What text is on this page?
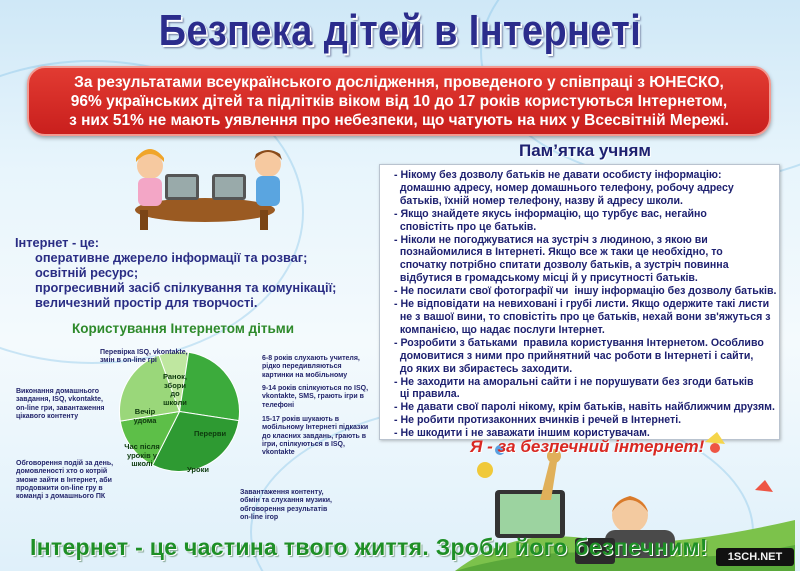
Безпека дітей в Інтернеті

За результатами всеукраїнського дослідження, проведеного у співпраці з ЮНЕСКО,
96% українських дітей та підлітків віком від 10 до 17 років користуються Інтернетом,
з них 51% не мають уявлення про небезпеки, що чатують на них у Всесвітній Мережі.

Інтернет - це:
оперативне джерело інформації та розваг;
освітній ресурс;
прогресивний засіб спілкування та комунікації;
величезний простір для творчості.
Користування Інтернетом дітьми
Ранок, збори до школи
Перерви
Уроки
Час після уроків у школі
Вечір удома
Перевірка ISQ, vkontakte, змін в on-line грі	6-8 років слухають учителя, рідко передивляються картинки на мобільному
9-14 років спілкуються по ISQ, vkontakte, SMS, грають ігри в телефоні
15-17 років шукають в мобільному Інтернеті підказки до класних завдань, грають в ігри, спілкуються в ISQ, vkontakte
Виконання домашнього завдання, ISQ, vkontakte, on-line гри, завантаження цікавого контенту
Обговорення подій за день, домовленості хто о котрій зможе зайти в Інтернет, аби продовжити on-line гру в команді з домашнього ПК
Завантаження контенту, обмін та слухання музики, обговорення результатів on-line ігор
Пам’ятка учням
- Нікому без дозволу батьків не давати особисту інформацію:
домашню адресу, номер домашнього телефону, робочу адресу
батьків, їхній номер телефону, назву й адресу школи.
- Якщо знайдете якусь інформацію, що турбує вас, негайно
сповістіть про це батьків.
- Ніколи не погоджуватися на зустріч з людиною, з якою ви
познайомилися в Інтернеті. Якщо все ж таки це необхідно, то
спочатку потрібно спитати дозволу батьків, а зустріч повинна
відбутися в громадському місці й у присутності батьків.
- Не посилати свої фотографії чи  іншу інформацію без дозволу батьків.
- Не відповідати на невиховані і грубі листи. Якщо одержите такі листи
не з вашої вини, то сповістіть про це батьків, нехай вони зв'яжуться з
компанією, що надає послуги Інтернет.
- Розробити з батьками  правила користування Інтернетом. Особливо
домовитися з ними про прийнятний час роботи в Інтернеті і сайти,
до яких ви збираєтесь заходити.
- Не заходити на аморальні сайти і не порушувати без згоди батьків
ці правила.
- Не давати свої паролі нікому, крім батьків, навіть найближчим друзям.
- Не робити протизаконних вчинків і речей в Інтернеті.
- Не шкодити і не заважати іншим користувачам.
Я - за безпечний інтернет!
Інтернет - це частина твого життя. Зроби його безпечним!	1SCH.NET
